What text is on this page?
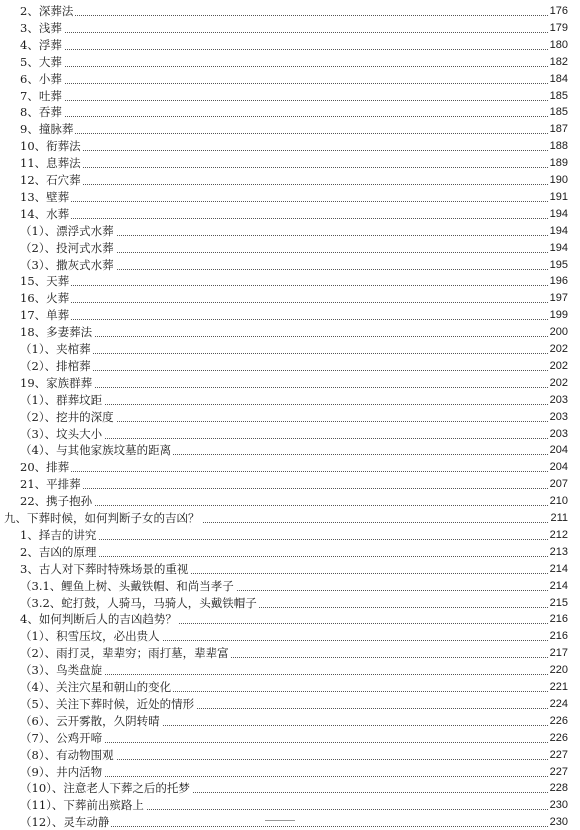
2、深葬法	176
3、浅葬	179
4、浮葬	180
5、大葬	182
6、小葬	184
7、吐葬	185
8、吞葬	185
9、撞脉葬	187
10、衔葬法	188
11、息葬法	189
12、石穴葬	190
13、壁葬	191
14、水葬	194
（1）、漂浮式水葬	194
（2）、投河式水葬	194
（3）、撒灰式水葬	195
15、天葬	196
16、火葬	197
17、单葬	199
18、多妻葬法	200
（1）、夹棺葬	202
（2）、排棺葬	202
19、家族群葬	202
（1）、群葬坟距	203
（2）、挖井的深度	203
（3）、坟头大小	203
（4）、与其他家族坟墓的距离	204
20、排葬	204
21、平排葬	207
22、携子抱孙	210
九、下葬时候，如何判断子女的吉凶？	211
1、择吉的讲究	212
2、吉凶的原理	213
3、古人对下葬时特殊场景的重视	214
（3.1、鲤鱼上树、头戴铁帽、和尚当孝子	214
（3.2、蛇打鼓，人骑马，马骑人，头戴铁帽子	215
4、如何判断后人的吉凶趋势？	216
（1）、积雪压坟，必出贵人	216
（2）、雨打灵，辈辈穷；雨打墓，辈辈富	217
（3）、鸟类盘旋	220
（4）、关注穴星和朝山的变化	221
（5）、关注下葬时候，近处的情形	224
（6）、云开雾散，久阴转晴	226
（7）、公鸡开啼	226
（8）、有动物围观	227
（9）、井内活物	227
（10）、注意老人下葬之后的托梦	228
（11）、下葬前出殡路上	230
（12）、灵车动静	230
